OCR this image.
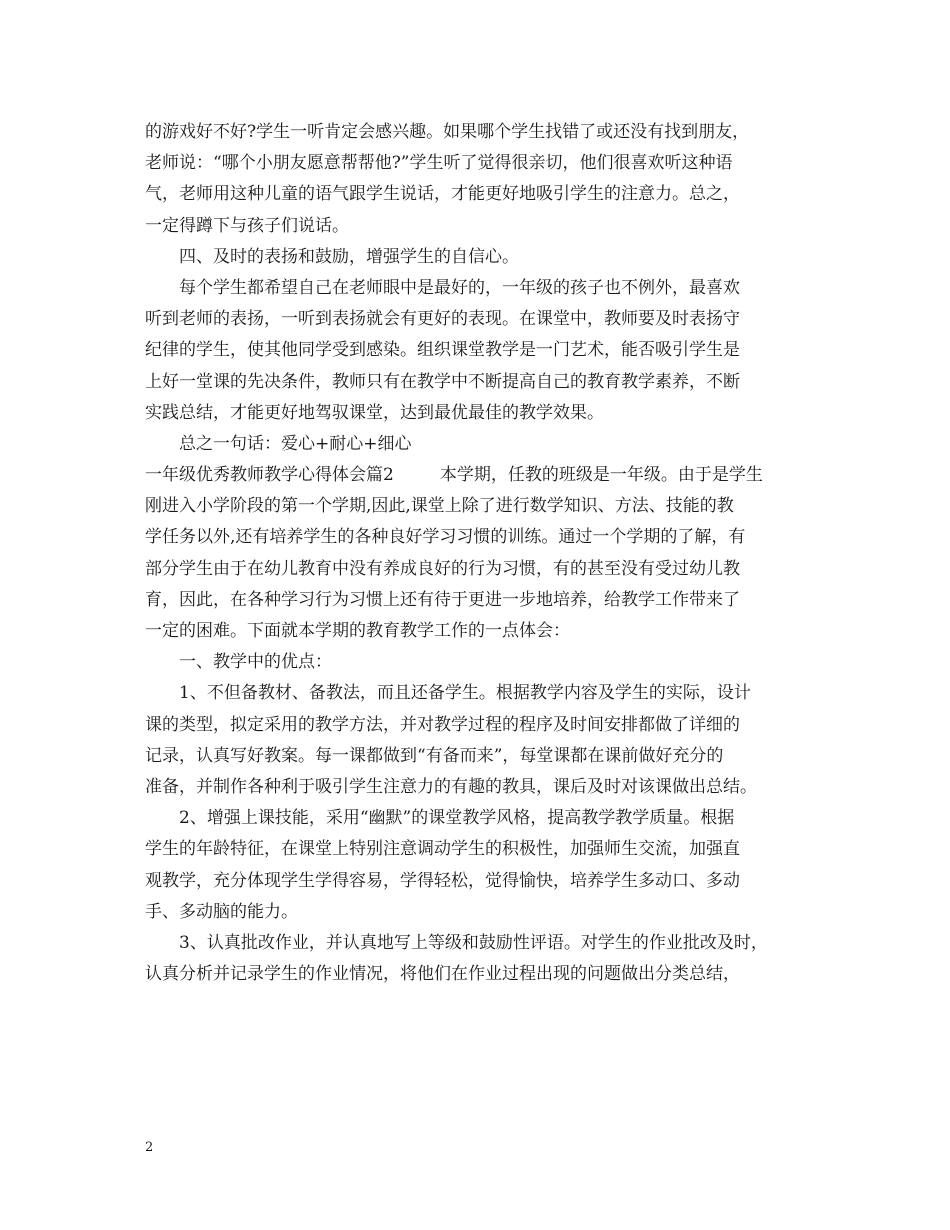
的游戏好不好?学生一听肯定会感兴趣。如果哪个学生找错了或还没有找到朋友，
老师说：“哪个小朋友愿意帮帮他?”学生听了觉得很亲切，他们很喜欢听这种语
气，老师用这种儿童的语气跟学生说话，才能更好地吸引学生的注意力。总之，
一定得蹲下与孩子们说话。
四、及时的表扬和鼓励，增强学生的自信心。
每个学生都希望自己在老师眼中是最好的，一年级的孩子也不例外，最喜欢
听到老师的表扬，一听到表扬就会有更好的表现。在课堂中，教师要及时表扬守
纪律的学生，使其他同学受到感染。组织课堂教学是一门艺术，能否吸引学生是
上好一堂课的先决条件，教师只有在教学中不断提高自己的教育教学素养，不断
实践总结，才能更好地驾驭课堂，达到最优最佳的教学效果。
总之一句话：爱心+耐心+细心
一年级优秀教师教学心得体会篇2	本学期，任教的班级是一年级。由于是学生
刚进入小学阶段的第一个学期,因此,课堂上除了进行数学知识、方法、技能的教
学任务以外,还有培养学生的各种良好学习习惯的训练。通过一个学期的了解，有
部分学生由于在幼儿教育中没有养成良好的行为习惯，有的甚至没有受过幼儿教
育，因此，在各种学习行为习惯上还有待于更进一步地培养，给教学工作带来了
一定的困难。下面就本学期的教育教学工作的一点体会：
一、教学中的优点：
1、不但备教材、备教法，而且还备学生。根据教学内容及学生的实际，设计
课的类型，拟定采用的教学方法，并对教学过程的程序及时间安排都做了详细的
记录，认真写好教案。每一课都做到“有备而来”，每堂课都在课前做好充分的
准备，并制作各种利于吸引学生注意力的有趣的教具，课后及时对该课做出总结。
2、增强上课技能，采用“幽默”的课堂教学风格，提高教学教学质量。根据
学生的年龄特征，在课堂上特别注意调动学生的积极性，加强师生交流，加强直
观教学，充分体现学生学得容易，学得轻松，觉得愉快，培养学生多动口、多动
手、多动脑的能力。
3、认真批改作业，并认真地写上等级和鼓励性评语。对学生的作业批改及时，
认真分析并记录学生的作业情况，将他们在作业过程出现的问题做出分类总结，
2
